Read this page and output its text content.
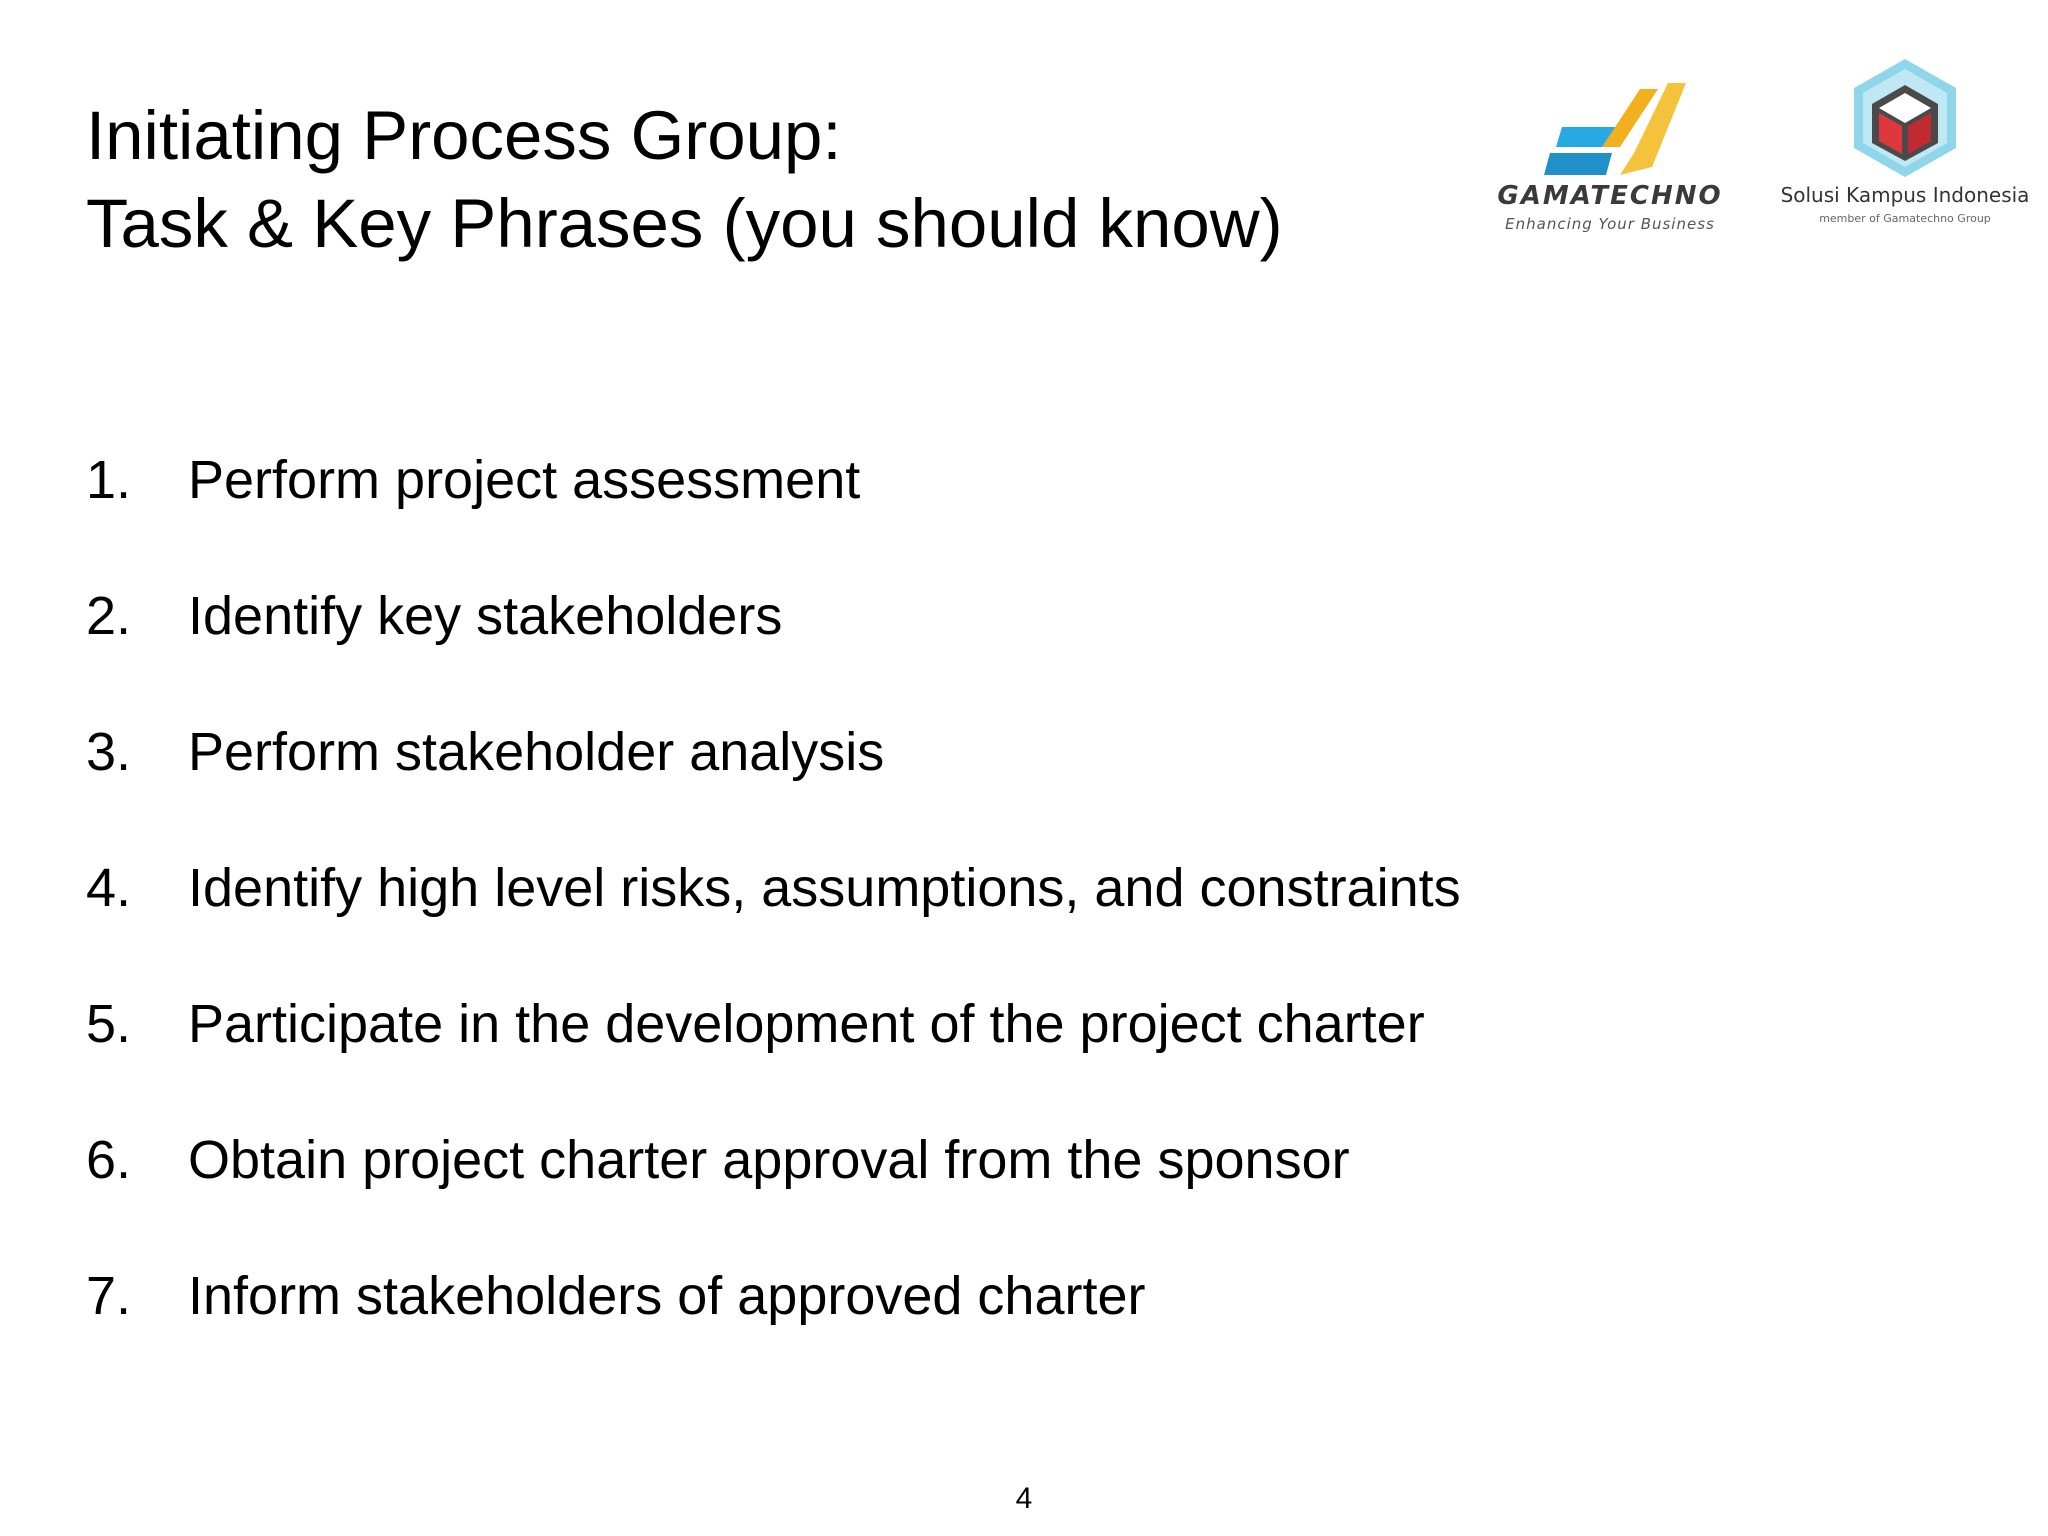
Initiating Process Group:
Task & Key Phrases (you should know)	GAMATECHNO
Enhancing Your Business
Solusi Kampus Indonesia
member of Gamatechno Group
1.	Perform project assessment
2.	Identify key stakeholders
3.	Perform stakeholder analysis
4.	Identify high level risks, assumptions, and constraints
5.	Participate in the development of the project charter
6.	Obtain project charter approval from the sponsor
7.	Inform stakeholders of approved charter
4
